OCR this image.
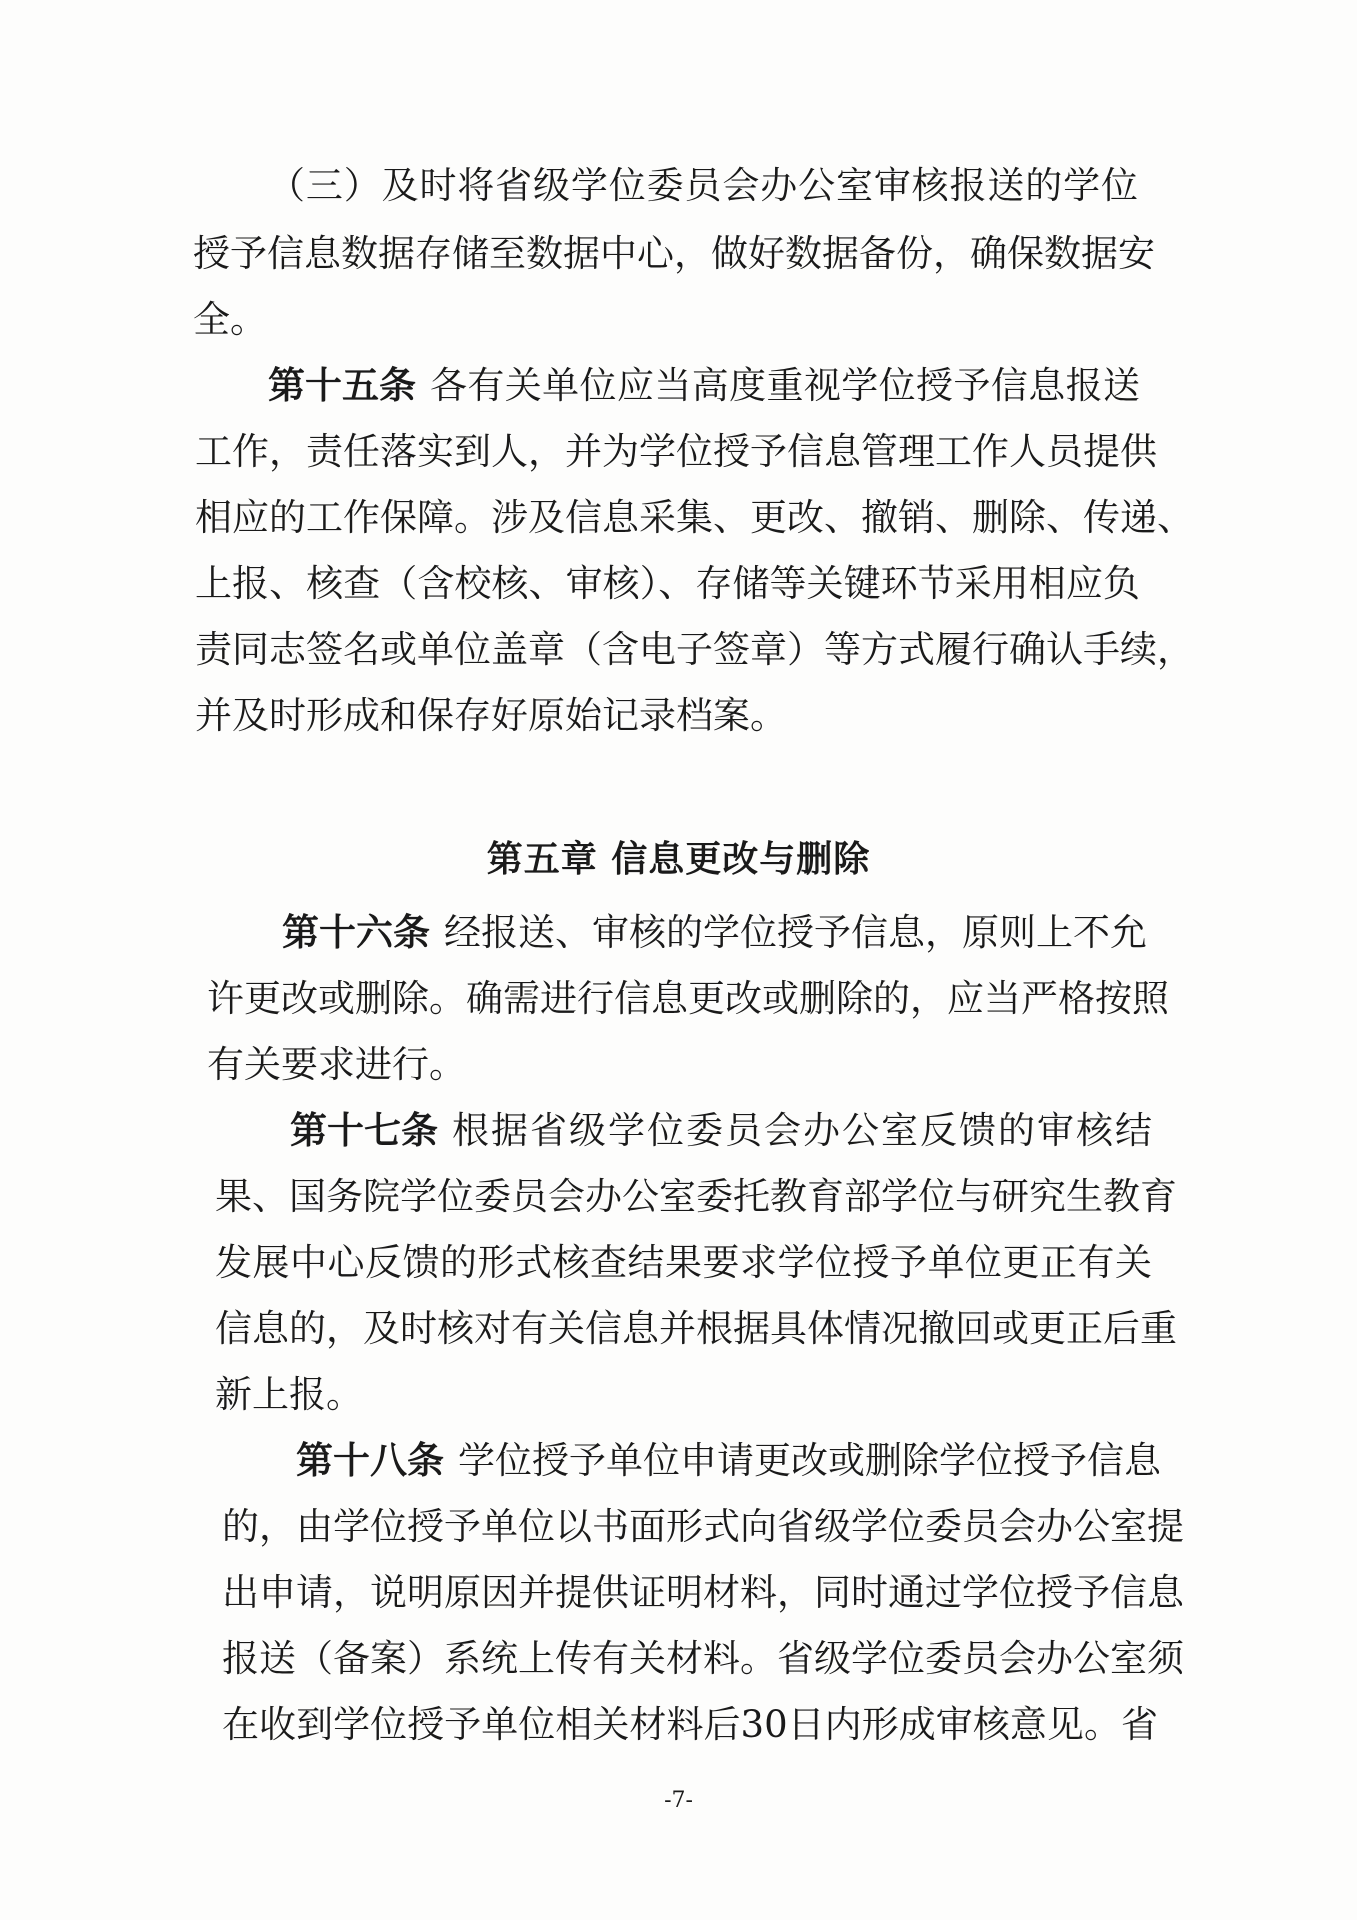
（三）及时将省级学位委员会办公室审核报送的学位
授予信息数据存储至数据中心，做好数据备份，确保数据安
全。
第十五条 各有关单位应当高度重视学位授予信息报送
工作，责任落实到人，并为学位授予信息管理工作人员提供
相应的工作保障。涉及信息采集、更改、撤销、删除、传递、
上报、核查（含校核、审核）、存储等关键环节采用相应负
责同志签名或单位盖章（含电子签章）等方式履行确认手续，
并及时形成和保存好原始记录档案。
第五章 信息更改与删除
第十六条 经报送、审核的学位授予信息，原则上不允
许更改或删除。确需进行信息更改或删除的，应当严格按照
有关要求进行。
第十七条 根据省级学位委员会办公室反馈的审核结
果、国务院学位委员会办公室委托教育部学位与研究生教育
发展中心反馈的形式核查结果要求学位授予单位更正有关
信息的，及时核对有关信息并根据具体情况撤回或更正后重
新上报。
第十八条 学位授予单位申请更改或删除学位授予信息
的，由学位授予单位以书面形式向省级学位委员会办公室提
出申请，说明原因并提供证明材料，同时通过学位授予信息
报送（备案）系统上传有关材料。省级学位委员会办公室须
在收到学位授予单位相关材料后30日内形成审核意见。省
-7-
